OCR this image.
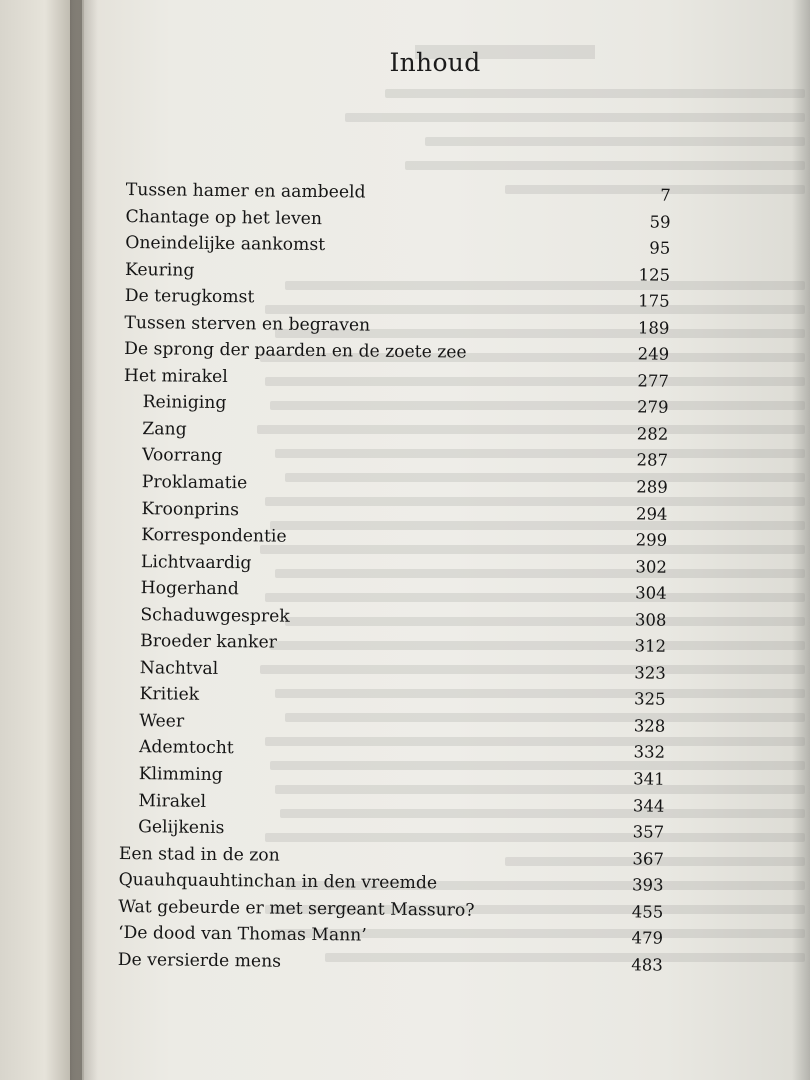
Inhoud
Tussen hamer en aambeeld	7
Chantage op het leven	59
Oneindelijke aankomst	95
Keuring	125
De terugkomst	175
Tussen sterven en begraven	189
De sprong der paarden en de zoete zee	249
Het mirakel	277
Reiniging	279
Zang	282
Voorrang	287
Proklamatie	289
Kroonprins	294
Korrespondentie	299
Lichtvaardig	302
Hogerhand	304
Schaduwgesprek	308
Broeder kanker	312
Nachtval	323
Kritiek	325
Weer	328
Ademtocht	332
Klimming	341
Mirakel	344
Gelijkenis	357
Een stad in de zon	367
Quauhquauhtinchan in den vreemde	393
Wat gebeurde er met sergeant Massuro?	455
‘De dood van Thomas Mann’	479
De versierde mens	483
